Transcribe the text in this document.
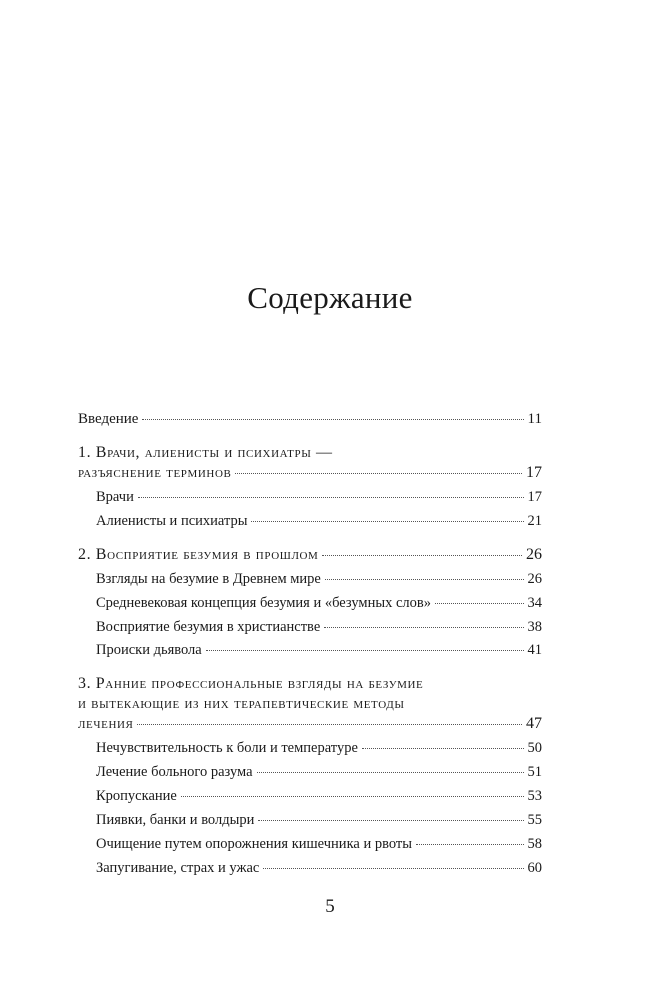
Содержание
Введение	11
1. Врачи, алиенисты и психиатры —
разъяснение терминов	17
Врачи	17
Алиенисты и психиатры	21
2. Восприятие безумия в прошлом	26
Взгляды на безумие в Древнем мире	26
Средневековая концепция безумия и «безумных слов»	34
Восприятие безумия в христианстве	38
Происки дьявола	41
3. Ранние профессиональные взгляды на безумие
и вытекающие из них терапевтические методы
лечения	47
Нечувствительность к боли и температуре	50
Лечение больного разума	51
Кропускание	53
Пиявки, банки и волдыри	55
Очищение путем опорожнения кишечника и рвоты	58
Запугивание, страх и ужас	60
5
